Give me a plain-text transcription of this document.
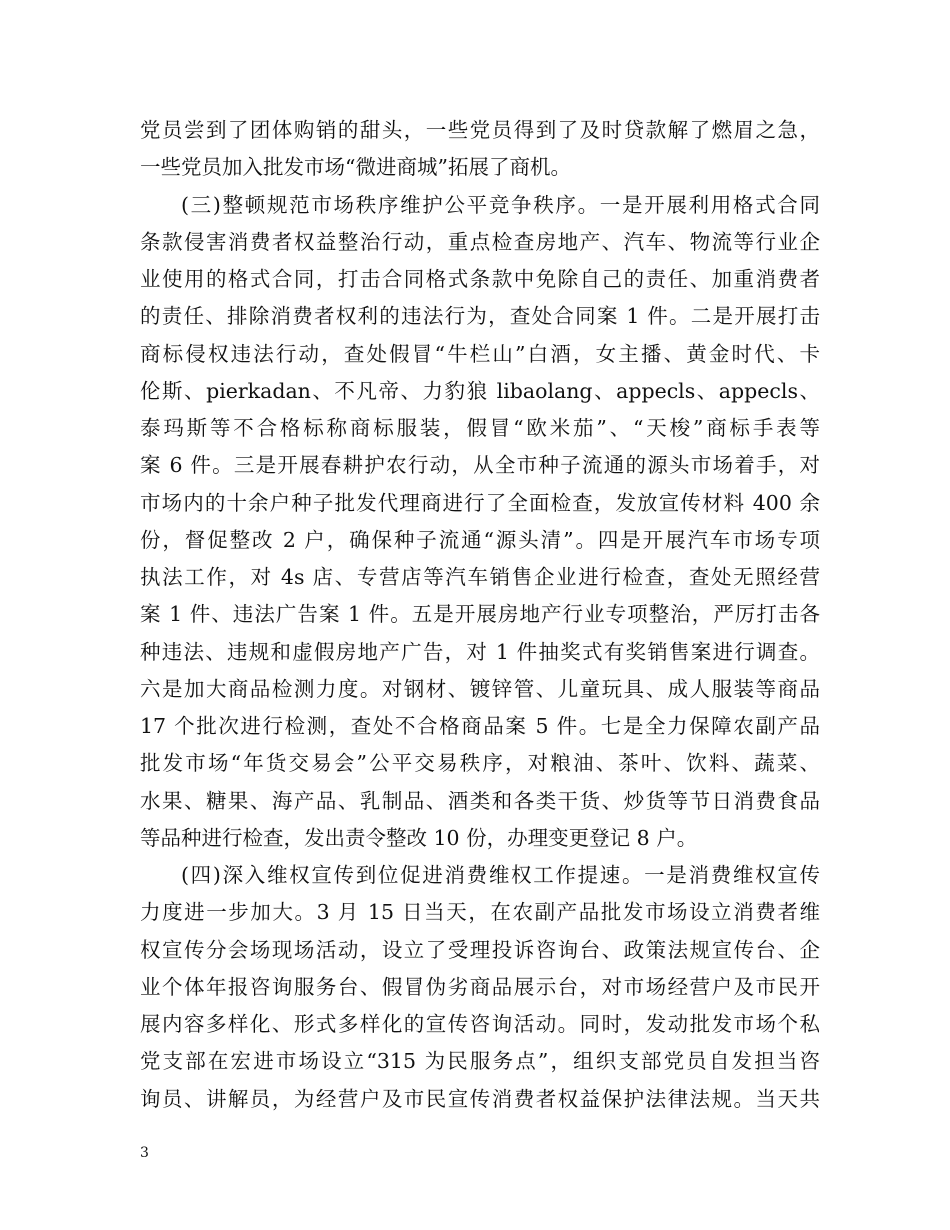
党员尝到了团体购销的甜头，一些党员得到了及时贷款解了燃眉之急，
一些党员加入批发市场“微进商城”拓展了商机。
(三)整顿规范市场秩序维护公平竞争秩序。一是开展利用格式合同
条款侵害消费者权益整治行动，重点检查房地产、汽车、物流等行业企
业使用的格式合同，打击合同格式条款中免除自己的责任、加重消费者
的责任、排除消费者权利的违法行为，查处合同案 1 件。二是开展打击
商标侵权违法行动，查处假冒“牛栏山”白酒，女主播、黄金时代、卡
伦斯、pierkadan、不凡帝、力豹狼 libaolang、appecls、appecls、
泰玛斯等不合格标称商标服装，假冒“欧米茄”、“天梭”商标手表等
案 6 件。三是开展春耕护农行动，从全市种子流通的源头市场着手，对
市场内的十余户种子批发代理商进行了全面检查，发放宣传材料 400 余
份，督促整改 2 户，确保种子流通“源头清”。四是开展汽车市场专项
执法工作，对 4s 店、专营店等汽车销售企业进行检查，查处无照经营
案 1 件、违法广告案 1 件。五是开展房地产行业专项整治，严厉打击各
种违法、违规和虚假房地产广告，对 1 件抽奖式有奖销售案进行调查。
六是加大商品检测力度。对钢材、镀锌管、儿童玩具、成人服装等商品
17 个批次进行检测，查处不合格商品案 5 件。七是全力保障农副产品
批发市场“年货交易会”公平交易秩序，对粮油、茶叶、饮料、蔬菜、
水果、糖果、海产品、乳制品、酒类和各类干货、炒货等节日消费食品
等品种进行检查，发出责令整改 10 份，办理变更登记 8 户。
(四)深入维权宣传到位促进消费维权工作提速。一是消费维权宣传
力度进一步加大。3 月 15 日当天，在农副产品批发市场设立消费者维
权宣传分会场现场活动，设立了受理投诉咨询台、政策法规宣传台、企
业个体年报咨询服务台、假冒伪劣商品展示台，对市场经营户及市民开
展内容多样化、形式多样化的宣传咨询活动。同时，发动批发市场个私
党支部在宏进市场设立“315 为民服务点”，组织支部党员自发担当咨
询员、讲解员，为经营户及市民宣传消费者权益保护法律法规。当天共
3
